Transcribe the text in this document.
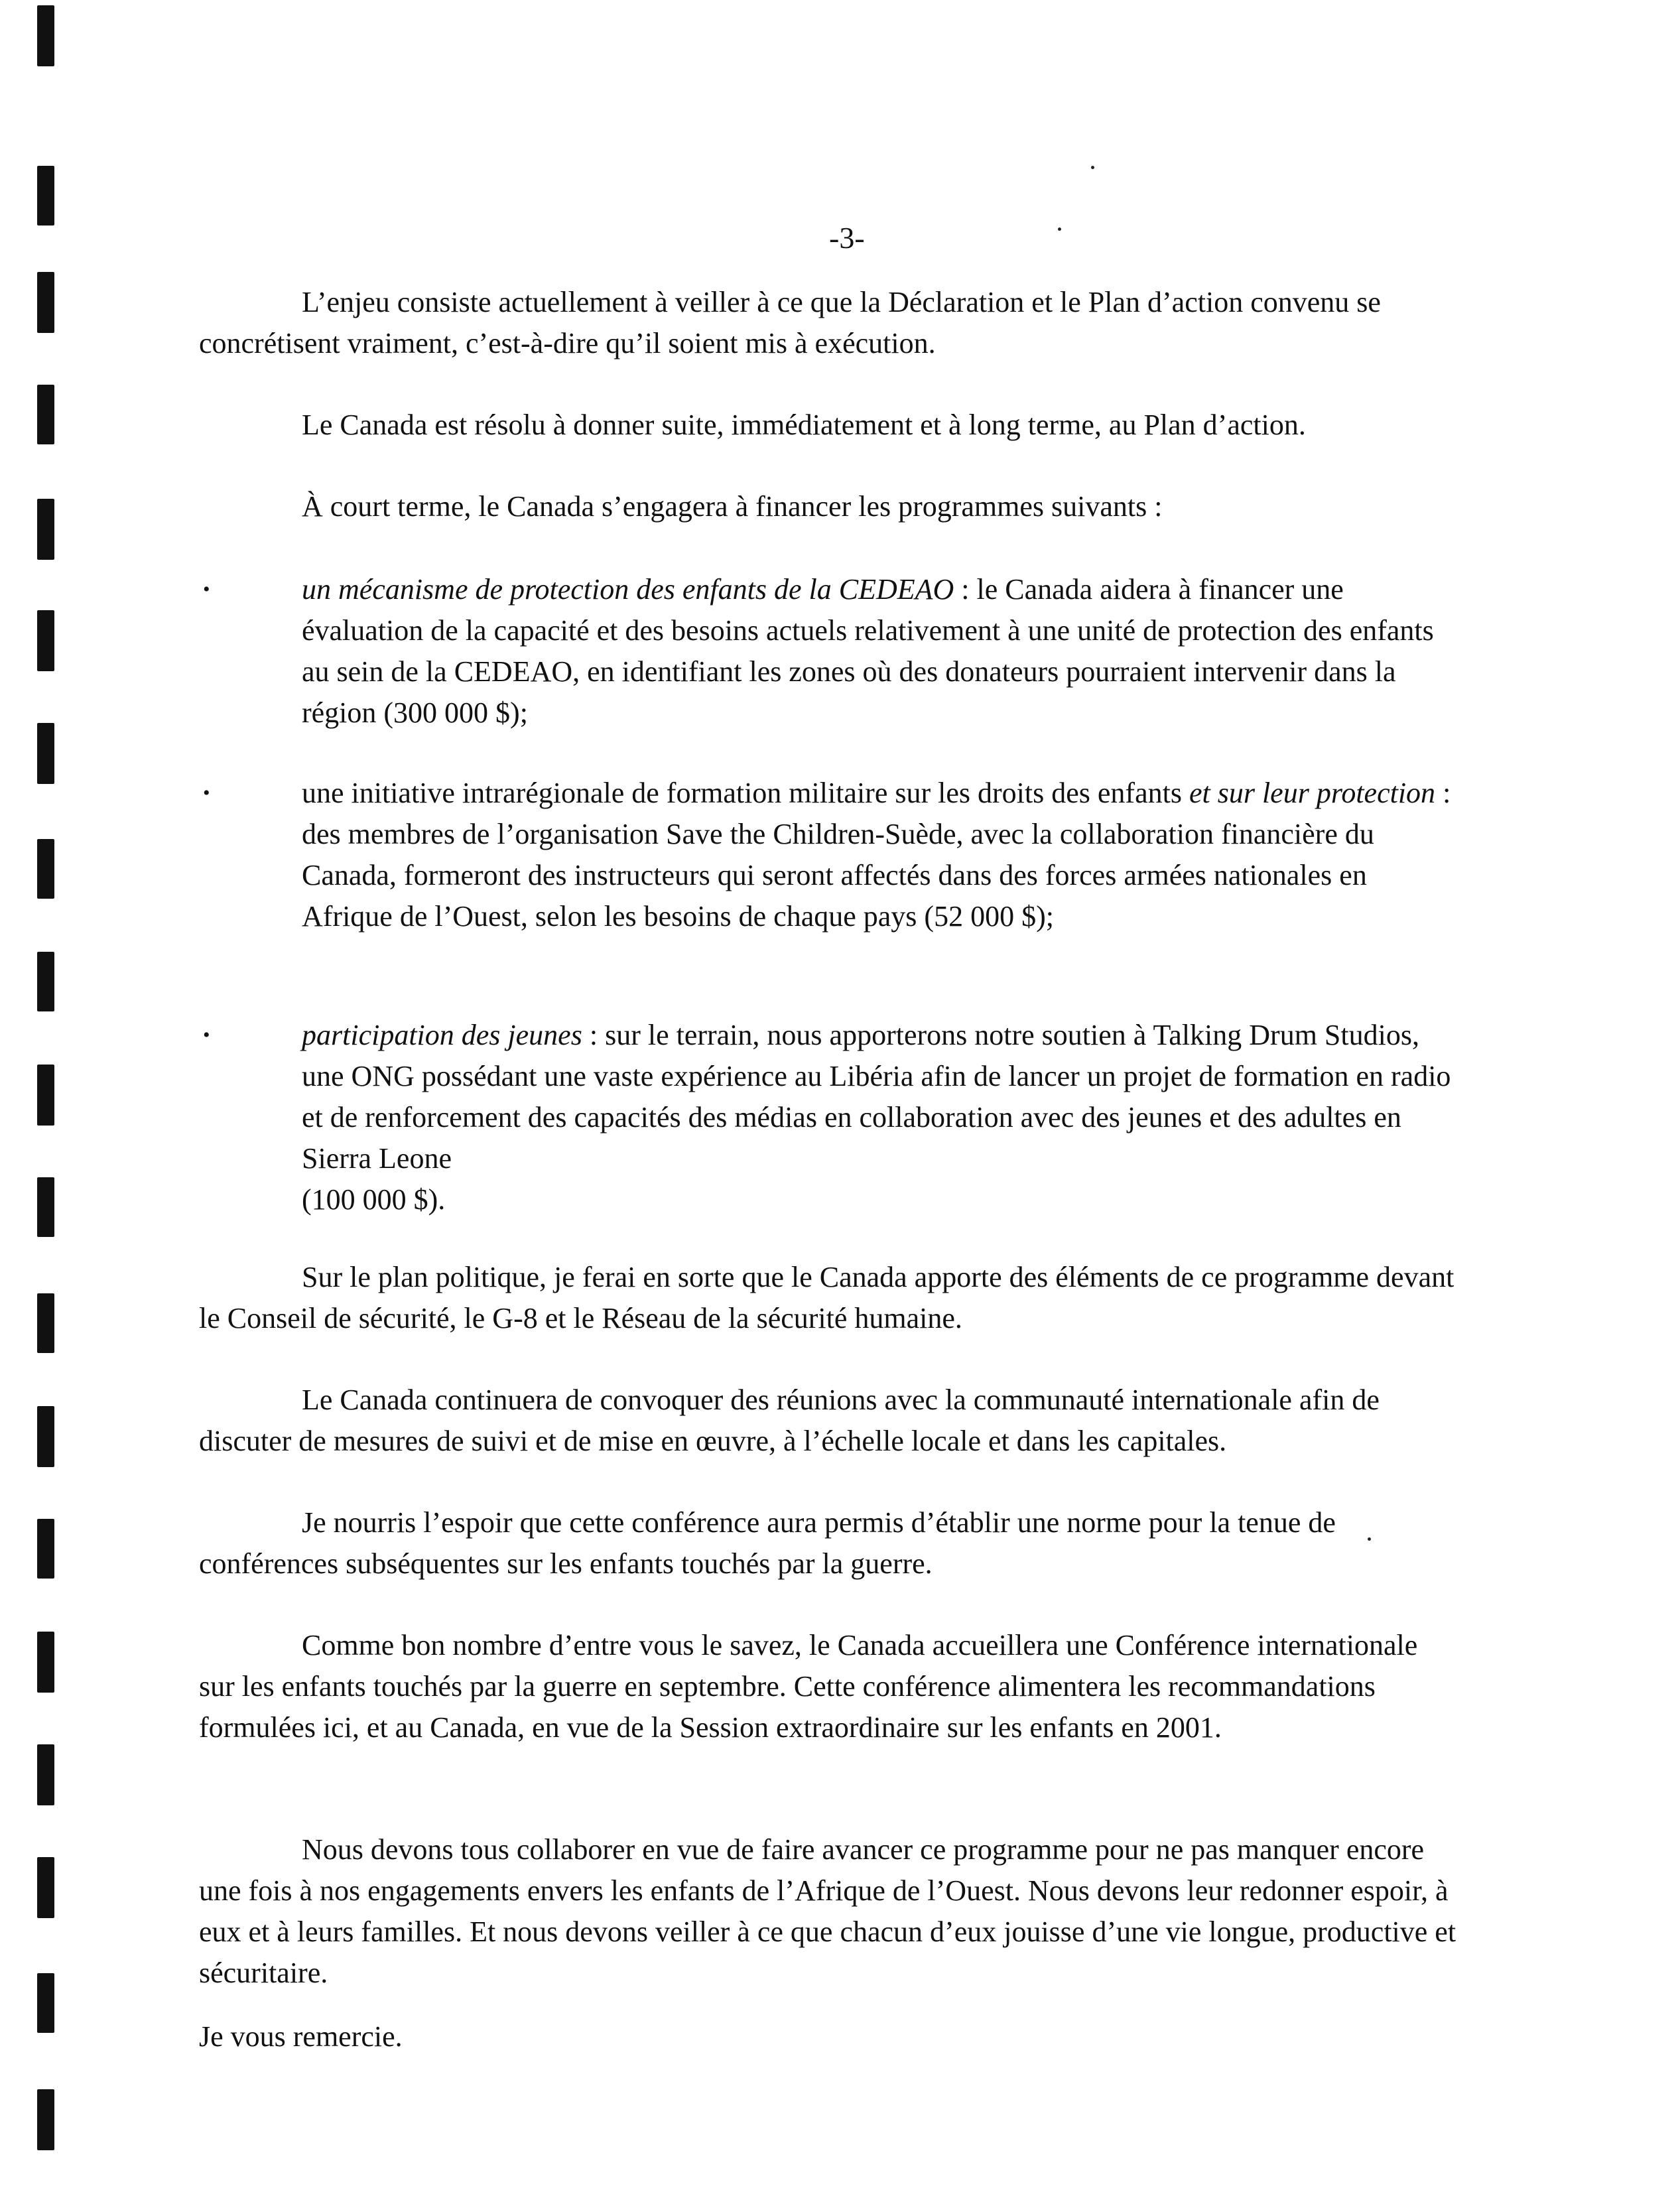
-3-

L’enjeu consiste actuellement à veiller à ce que la Déclaration et le Plan d’action convenu se concrétisent vraiment, c’est-à-dire qu’il soient mis à exécution.

Le Canada est résolu à donner suite, immédiatement et à long terme, au Plan d’action.

À court terme, le Canada s’engagera à financer les programmes suivants :

•	un mécanisme de protection des enfants de la CEDEAO : le Canada aidera à financer une évaluation de la capacité et des besoins actuels relativement à une unité de protection des enfants au sein de la CEDEAO, en identifiant les zones où des donateurs pourraient intervenir dans la région (300 000 $);
•	une initiative intrarégionale de formation militaire sur les droits des enfants et sur leur protection : des membres de l’organisation Save the Children-Suède, avec la collaboration financière du Canada, formeront des instructeurs qui seront affectés dans des forces armées nationales en Afrique de l’Ouest, selon les besoins de chaque pays (52 000 $);
•	participation des jeunes : sur le terrain, nous apporterons notre soutien à Talking Drum Studios, une ONG possédant une vaste expérience au Libéria afin de lancer un projet de formation en radio et de renforcement des capacités des médias en collaboration avec des jeunes et des adultes en Sierra Leone
(100 000 $).

Sur le plan politique, je ferai en sorte que le Canada apporte des éléments de ce programme devant le Conseil de sécurité, le G-8 et le Réseau de la sécurité humaine.

Le Canada continuera de convoquer des réunions avec la communauté internationale afin de discuter de mesures de suivi et de mise en œuvre, à l’échelle locale et dans les capitales.

Je nourris l’espoir que cette conférence aura permis d’établir une norme pour la tenue de conférences subséquentes sur les enfants touchés par la guerre.

Comme bon nombre d’entre vous le savez, le Canada accueillera une Conférence internationale sur les enfants touchés par la guerre en septembre. Cette conférence alimentera les recommandations formulées ici, et au Canada, en vue de la Session extraordinaire sur les enfants en 2001.

Nous devons tous collaborer en vue de faire avancer ce programme pour ne pas manquer encore une fois à nos engagements envers les enfants de l’Afrique de l’Ouest. Nous devons leur redonner espoir, à eux et à leurs familles. Et nous devons veiller à ce que chacun d’eux jouisse d’une vie longue, productive et sécuritaire.

Je vous remercie.
